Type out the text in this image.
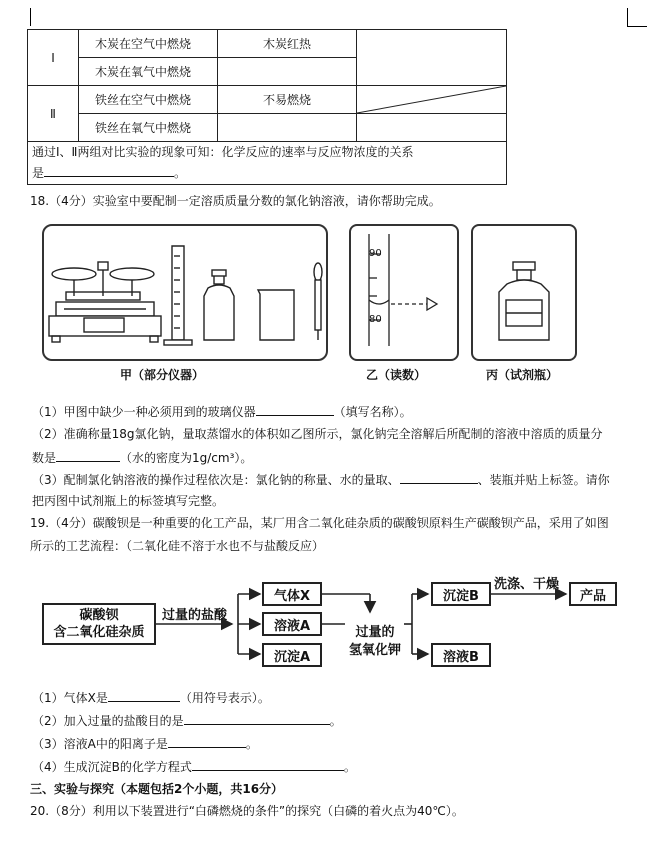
Ⅰ	木炭在空气中燃烧	木炭红热	
	木炭在氧气中燃烧		
Ⅱ	铁丝在空气中燃烧	不易燃烧	

	铁丝在氧气中燃烧		

通过Ⅰ、Ⅱ两组对比实验的现象可知：化学反应的速率与反应物浓度的关系
是 。			
18.（4分）实验室中要配制一定溶质质量分数的氯化钠溶液，请你帮助完成。
甲（部分仪器）
90
80
乙（读数）	丙（试剂瓶）
（1）甲图中缺少一种必须用到的玻璃仪器	（填写名称）。
（2）准确称量18g氯化钠，量取蒸馏水的体积如乙图所示，氯化钠完全溶解后所配制的溶液中溶质的质量分
数是	（水的密度为1g/cm³）。
（3）配制氯化钠溶液的操作过程依次是：氯化钠的称量、水的量取、	、装瓶并贴上标签。请你
把丙图中试剂瓶上的标签填写完整。
19.（4分）碳酸钡是一种重要的化工产品，某厂用含二氧化硅杂质的碳酸钡原料生产碳酸钡产品，采用了如图
所示的工艺流程：（二氧化硅不溶于水也不与盐酸反应）
碳酸钡
含二氧化硅杂质
过量的盐酸
气体X
溶液A
沉淀A
过量的
氢氧化钾
沉淀B
溶液B
洗涤、干燥
产品
（1）气体X是	（用符号表示）。
（2）加入过量的盐酸目的是	。
（3）溶液A中的阳离子是	。
（4）生成沉淀B的化学方程式	。
三、实验与探究（本题包括2个小题，共16分）
20.（8分）利用以下装置进行“白磷燃烧的条件”的探究（白磷的着火点为40℃）。
